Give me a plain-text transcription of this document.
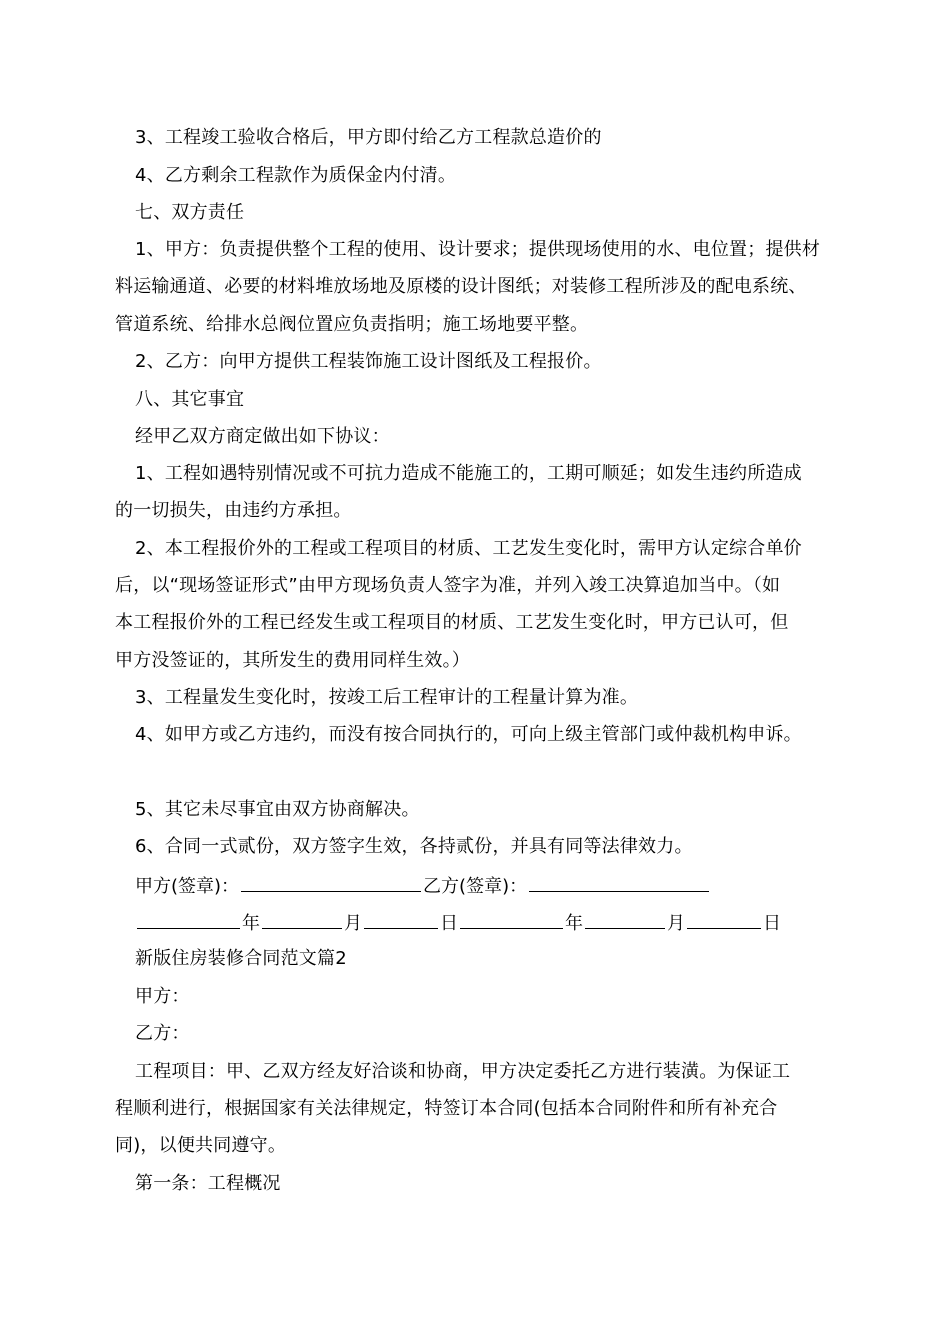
3、工程竣工验收合格后，甲方即付给乙方工程款总造价的
4、乙方剩余工程款作为质保金内付清。
七、双方责任
1、甲方：负责提供整个工程的使用、设计要求；提供现场使用的水、电位置；提供材
料运输通道、必要的材料堆放场地及原楼的设计图纸；对装修工程所涉及的配电系统、
管道系统、给排水总阀位置应负责指明；施工场地要平整。
2、乙方：向甲方提供工程装饰施工设计图纸及工程报价。
八、其它事宜
经甲乙双方商定做出如下协议：
1、工程如遇特别情况或不可抗力造成不能施工的，工期可顺延；如发生违约所造成
的一切损失，由违约方承担。
2、本工程报价外的工程或工程项目的材质、工艺发生变化时，需甲方认定综合单价
后，以“现场签证形式”由甲方现场负责人签字为准，并列入竣工决算追加当中。（如
本工程报价外的工程已经发生或工程项目的材质、工艺发生变化时，甲方已认可，但
甲方没签证的，其所发生的费用同样生效。）
3、工程量发生变化时，按竣工后工程审计的工程量计算为准。
4、如甲方或乙方违约，而没有按合同执行的，可向上级主管部门或仲裁机构申诉。
5、其它未尽事宜由双方协商解决。
6、合同一式贰份，双方签字生效，各持贰份，并具有同等法律效力。
甲方(签章)：	乙方(签章)：
年	月	日	年	月	日
新版住房装修合同范文篇2
甲方：
乙方：
工程项目：甲、乙双方经友好洽谈和协商，甲方决定委托乙方进行装潢。为保证工
程顺利进行，根据国家有关法律规定，特签订本合同(包括本合同附件和所有补充合
同)，以便共同遵守。
第一条：工程概况
